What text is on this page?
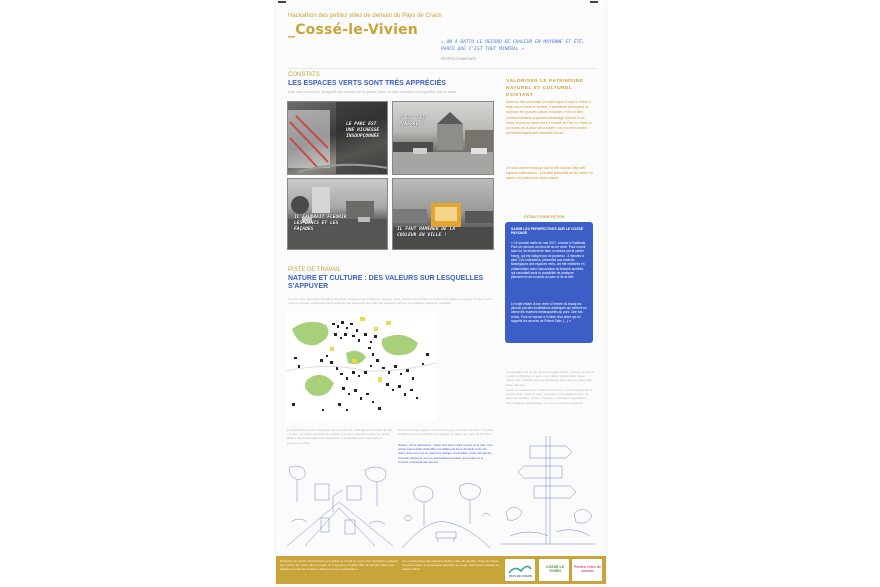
Hackathon des petites villes de demain du Pays de Craon
_Cossé-le-Vivien
« ON A BATTU LE RECORD DE CHALEUR EN MAYENNE ET ÉTÉ, PARCE QUE C'EST TOUT MINÉRAL »
PROPOS D'HABITANTS
CONSTATS
LES ESPACES VERTS SONT TRÈS APPRÉCIÉS
Mais sans réseaux ni transparité par endroits sur la grande place, les îlots verdoyés n'ont agréable pour la santé.
LE PARC EST UNE RICHESSE INSOUPÇONNÉE
C'EST TOUT MINÉRAL !
IL FAUDRAIT FLEURIR LES BANCS ET LES FAÇADES	IL FAUT RAMENER DE LA COULEUR EN VILLE !
VALORISER LE PATRIMOINE NATUREL ET CULTUREL EXISTANT
Après un été caniculaire pendant lequel Cossé-le-Vivien a battu ses records de chaleur, il semblerait intéressant de repenser les grandes places minérales. Pour ce faire, certains habitants proposent davantage d'arbres et de bancs et plus de bancs fixes à l'ombre du Parc Le Vivier ou au niveau de la place de la Mairie, une nouvelle couleur permettant également d'embellir Cossé.
Ce nous avons remarqué que la ville dispose déjà des espaces intéressants ! Il semble primordial de les mettre en valeur et la patrimoine déjà existant.
EXTRAIT D'UNE FICTION
SAISIR LES PERSPECTIVES SUR LE COSSÉ PAYSAGÉ
« Ce samedi matin de mai 2027, comme à l'habitude, Paul se retrouve au bout de la rue verte. Pour nourrir sans lui, ils décident de faire un détour par le centre bourg, qui est indiqué par un panneau : 3 minutes à pied. Ces indications, présentes aux endroits stratégiques des espaces verts, ont été réalisées en collaboration avec l'association du Marché-sportive, qui souhaitait avoir la possibilité de pratiquer pleinement ces boucles du parc et de la ville.
Le trajet reliant la rue verte à l'entrée du bourg est jalonné par des installations artistiques qui mettent en valeur les espèces remarquables du parc. Une fois rendu, Paul se repose à l'ombre d'un arbre qui lui rappelle les œuvres de Robert Tatin. (...) »
PISTE DE TRAVAIL
NATURE ET CULTURE : DES VALEURS SUR LESQUELLES S'APPUYER
La commune de Cossé bénéficie d'un tissu végétal et de nombreux espaces verts, notamment le Parc Le Vivier et les allées le long de l'Oudon. Leur mise en réseau et celle des lieux culturels doit permettre de créer des parcours piétons et cyclables reliant les quartiers.
Le paysager est un lieu de travail déjà ancien : entre le centre et le pôle de l'habitat, le parc et les allées doivent être mieux reliés. Les mobilités douces participent à la mise en valeur des lieux culturels.
Quels en seraient pour autant les leviers ? • Une création d'une boucle verte reliant le parc, le bourg et les équipements • Un ajout de mobilier : bancs, fontaines, ombrages végétalisés • Une meilleure signalisation des cheminements existants
Les habitants ont été interrogés sur les endroits qu'ils apprécient dans la ville : le parc, les allées, la place de l'église. Les sites culturels comme le musée Robert Tatin sont également appréciés et pourraient être reliés par un parcours continu.
Comment relier le parc, le centre-bourg et les lieux culturels ? Quelles installations permettraient de ramener la nature au cœur de la ville ?
Nature, art et patrimoine : tisser des liens entre le parc et la ville. Une action permettrait d'identifier les différents lieux d'intérêt et de les relier entre eux par un parcours ludique et sensible. Cette démarche pourrait s'appuyer sur les associations locales, les écoles et le Conseil municipal des jeunes.
Étudiants de l'école d'architecture ont réalisé ce travail au cours d'un hackathon organisé par le Pays de Craon dans le cadre du programme Petites villes de demain. Merci aux habitants et élus de Cossé-le-Vivien pour leur participation.
Les coordonnées des référents Petites villes de demain : Pays de Craon, Cossé-le-Vivien et partenaires associés au projet. Documents réalisés en octobre 2022.
PAYS DE CRAON
COSSÉ LE VIVIEN
Petites villes de demain
